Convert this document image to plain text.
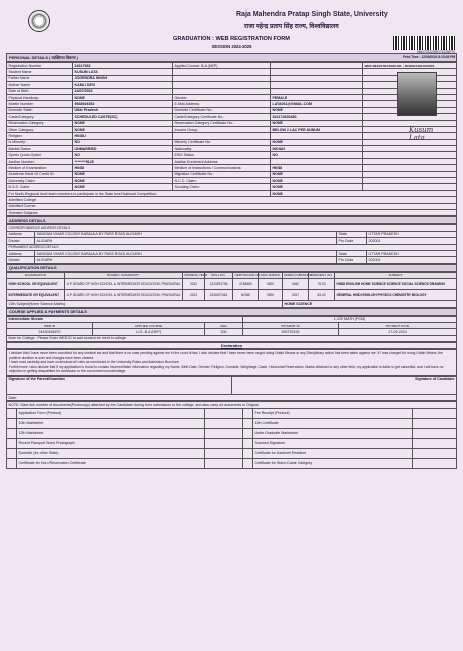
Raja Mahendra Pratap Singh State, University
राजा महेन्द्र प्रताप सिंह राज्य, विश्वविद्यालय
04627024203017412AR70
Print Time : 12/09/2024 8:15:39 PM
GRADUATION : WEB REGISTRATION FORM
SESSION 2024-2025
PERSONAL DETAILS ( व्यक्तिगत विवरण )
Registration Number	24017593	Applied Course: B.A (NEP)		WEB REGISTRATION NO. : RCM0244301015879
Student Name	KUSUM LATA			
Father Name	JOGENDRA SINGH			
Mother Name	KAMLI DEVI			
Date of Birth	24/07/2003			
Physical Handicap:	NONE	Gender:	FEMALE	
Mobile Number:	9548926352	E-Mail Address:	LATA061@GMAIL.COM	
Domicile State:	Uttar Pradesh	Domicile Certificate No.:	NONE	
Caste/Category:	SCHEDULED CASTE(SC)	Caste/Category Certificate No.:	324174600480	
Reservation Category:	NONE	Reservation Category Certificate No.:	NONE	
Other Category:	NONE	Income Group:	BELOW 2 LAC PER ANNUM	
Religion:	HINDU			
Is Minority:	NO	Minority Certificate No:	NONE	
Marital Status	UNMARRIED	Nationality	INDIAN	
Sports Quota Opted:	NO	EWS Status	NO	
Aadhar Number:	********5125	Aadhar Enrolment Address		
Medium of Examination:	HINDI	Medium of Instructions / Communications:	HINDI	
Academic Bank Of Credit ID:	NONE	Migration Certificate No.:	NONE	
University Claim:	NONE	N.C.C. Claim:	NONE	
N.S.S. Claim:	NONE	Scouting Claim:	NONE	
For North-Regional level team members to participate in the State level National Competition:			NONE	
Admitted College:				
Admitted Course:				
Selected Subjects:				
Kusum Lata
ADDRESS DETAILS
CORRESPONDENCE ADDRESS DETAILS			
Address	SANGAM VIHAR COLONY BARAULA BY PASS ROAD ALIGARH	State	UTTAR PRADESH
District	ALIGARH	Pin Code	202001
PERMANENT ADDRESS DETAILS			
Address	SANGAM VIHAR COLONY BARAULA BY PASS ROAD ALIGARH	State	UTTAR PRADESH
District	ALIGARH	Pin Code	202001
QUALIFICATION DETAILS
EXAMINATION	BOARD / UNIVERSITY	PASSING YEAR	ROLL NO.	CERTIFICATE NO.	MAX MARKS	MARKS OBTAINED	PERCENT (%)	SUBJECT
HIGH SCHOOL OR EQUIVALENT	U.P. BOARD OF HIGH SCHOOL & INTERMEDIATE EDUCATION, PRAYAGRAJ	2022	1220291796	0158469	0600	0452	75.33	HINDI ENGLISH HOME SCIENCE SCIENCE SOCIAL SCIENCE DRAWING
INTERMEDIATE OR EQUIVALENT	U.P. BOARD OF HIGH SCHOOL & INTERMEDIATE EDUCATION, PRAYAGRAJ	2024	2245207461	NONE	0500	0317	63.40	GENERAL HINDI ENGLISH PHYSICS CHEMISTRY BIOLOGY
12th Subject(Home Science,Maths):						HOME SCIENCE		
COURSE APPLIED & PAYMENTS DETAILS
Intermediate Stream			1-129 MATH (PCM)	
WEB ID	APPLIED COURSE	FEE	PAYMENT ID	PAYMENT DATE
24430154570	U.G.-B.A (NEP)	200	593793195	27-09-2024
Note for College : Please Enter WEB ID to add student for merit in college.				
Declaration
I declare that I have never been convicted for any criminal act and that there is no case pending against me in the court of law. I also declare that I have never been caught using Unfair Means or any Disciplinary action has been taken against me. If I was charged for using Unfair Means, the punitive duration is over and charges have been cleared.
I have read carefully and have understood all rules as mentioned in the University Rules and Admission Brochure.
Furthermore I also declare that if my application is found to contain incorrect/false information regarding my Name, Birth Date, Gender, Religion, Domicile, Weightage, Caste, Horizontal Reservation, Marks obtained or any other field, my application is liable to get cancelled, and I will have no objection in getting disqualified for admission to the concerned course/college.
Signature of the Parent/Guardian	Signature of Candidate
Date:
NOTE: Mark tick number of documents(Photocopy) attached by the Candidate during form submission to the college, and also carry all documents in Original.					
	Application Form (Printout)			Fee Receipt (Printout)	
	10th Marksheet			12th Certificate	
	12th Marksheet			Under Graduate Marksheet	
	Recent Passport Sized Photograph			Scanned Signature	
	Domicile (for other State)			Certificate for Kashmiri Resident	
	Certificate for Hon./Reservation Certificate			Certificate for Ward./Caste Category	
